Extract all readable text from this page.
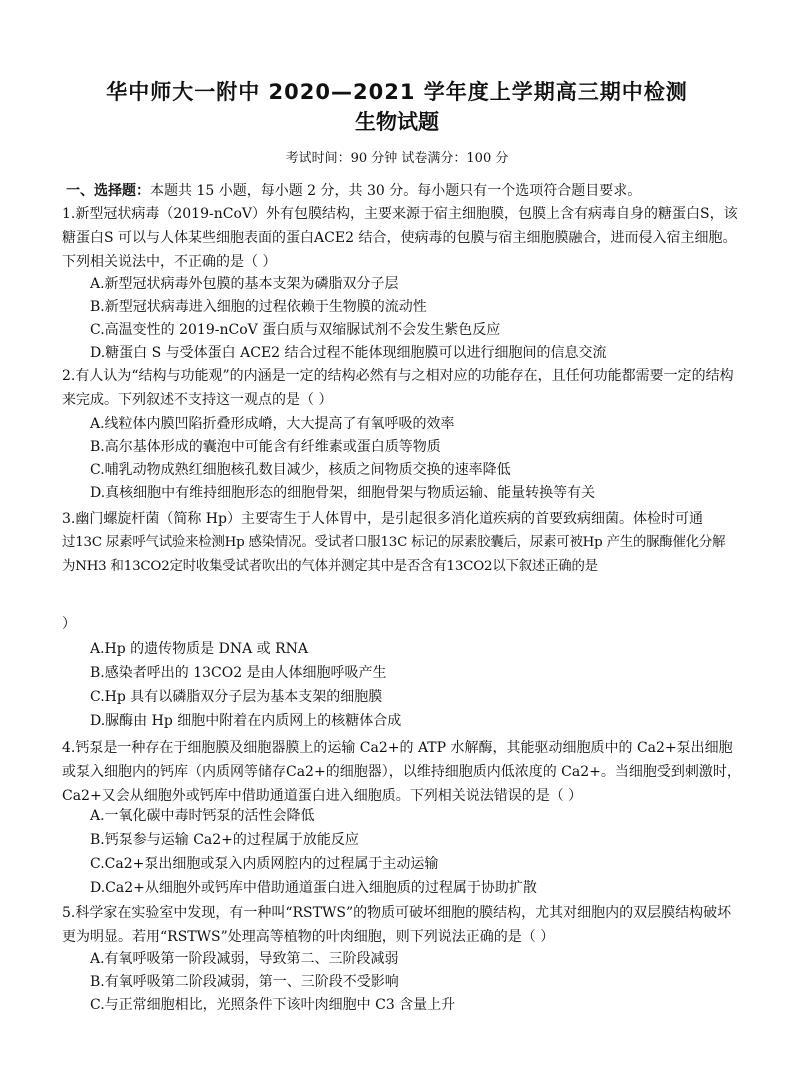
华中师大一附中 2020—2021 学年度上学期高三期中检测
生物试题
考试时间：90 分钟 试卷满分：100 分
一、选择题：本题共 15 小题，每小题 2 分，共 30 分。每小题只有一个选项符合题目要求。
1.新型冠状病毒（2019-nCoV）外有包膜结构，主要来源于宿主细胞膜，包膜上含有病毒自身的糖蛋白S，该糖蛋白S 可以与人体某些细胞表面的蛋白ACE2 结合，使病毒的包膜与宿主细胞膜融合，进而侵入宿主细胞。下列相关说法中，不正确的是（ ）
A.新型冠状病毒外包膜的基本支架为磷脂双分子层
B.新型冠状病毒进入细胞的过程依赖于生物膜的流动性
C.高温变性的 2019-nCoV 蛋白质与双缩脲试剂不会发生紫色反应
D.糖蛋白 S 与受体蛋白 ACE2 结合过程不能体现细胞膜可以进行细胞间的信息交流
2.有人认为“结构与功能观”的内涵是一定的结构必然有与之相对应的功能存在，且任何功能都需要一定的结构来完成。下列叙述不支持这一观点的是（ ）
A.线粒体内膜凹陷折叠形成嵴，大大提高了有氧呼吸的效率
B.高尔基体形成的囊泡中可能含有纤维素或蛋白质等物质
C.哺乳动物成熟红细胞核孔数目减少，核质之间物质交换的速率降低
D.真核细胞中有维持细胞形态的细胞骨架，细胞骨架与物质运输、能量转换等有关
3.幽门螺旋杆菌（简称 Hp）主要寄生于人体胃中，是引起很多消化道疾病的首要致病细菌。体检时可通
过13C 尿素呼气试验来检测Hp 感染情况。受试者口服13C 标记的尿素胶囊后，尿素可被Hp 产生的脲酶催化分解
为NH3 和13CO2定时收集受试者吹出的气体并测定其中是否含有13CO2以下叙述正确的是
）
A.Hp 的遗传物质是 DNA 或 RNA
B.感染者呼出的 13CO2 是由人体细胞呼吸产生
C.Hp 具有以磷脂双分子层为基本支架的细胞膜
D.脲酶由 Hp 细胞中附着在内质网上的核糖体合成
4.钙泵是一种存在于细胞膜及细胞器膜上的运输 Ca2+的 ATP 水解酶，其能驱动细胞质中的 Ca2+泵出细胞或泵入细胞内的钙库（内质网等储存Ca2+的细胞器），以维持细胞质内低浓度的 Ca2+。当细胞受到刺激时，Ca2+又会从细胞外或钙库中借助通道蛋白进入细胞质。下列相关说法错误的是（ ）
A.一氧化碳中毒时钙泵的活性会降低
B.钙泵参与运输 Ca2+的过程属于放能反应
C.Ca2+泵出细胞或泵入内质网腔内的过程属于主动运输
D.Ca2+从细胞外或钙库中借助通道蛋白进入细胞质的过程属于协助扩散
5.科学家在实验室中发现，有一种叫“RSTWS”的物质可破坏细胞的膜结构，尤其对细胞内的双层膜结构破坏更为明显。若用“RSTWS”处理高等植物的叶肉细胞，则下列说法正确的是（ ）
A.有氧呼吸第一阶段减弱，导致第二、三阶段减弱
B.有氧呼吸第二阶段减弱，第一、三阶段不受影响
C.与正常细胞相比，光照条件下该叶肉细胞中 C3 含量上升
